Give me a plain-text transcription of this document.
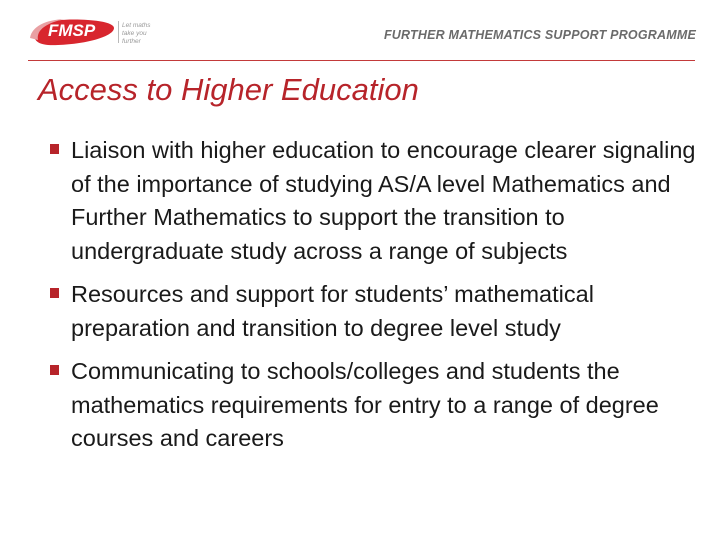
FMSP	Let maths take you further	FURTHER MATHEMATICS SUPPORT PROGRAMME
Access to Higher Education
Liaison with higher education to encourage clearer signaling of the importance of studying AS/A level Mathematics and Further Mathematics to support the transition to undergraduate study across a range of subjects
Resources and support for students’ mathematical preparation and transition to degree level study
Communicating to schools/colleges and students the mathematics requirements for entry to a range of degree courses and careers
